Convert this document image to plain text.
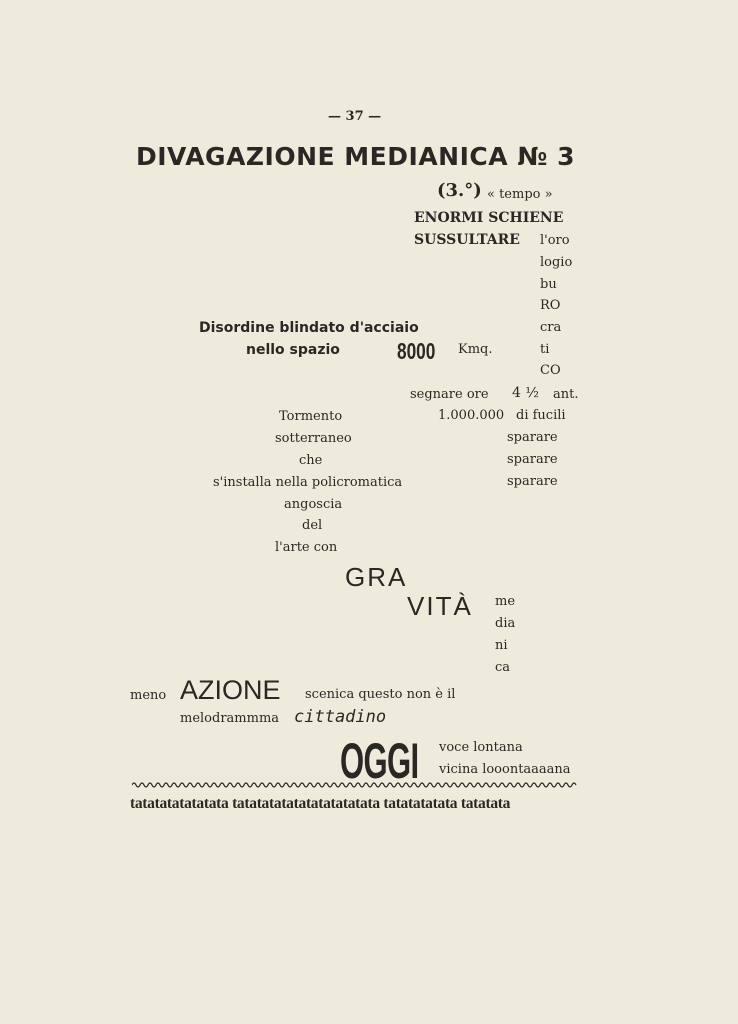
— 37 —
DIVAGAZIONE MEDIANICA № 3
(3.°) « tempo »
ENORMI SCHIENE
SUSSULTARE l'oro
logio
bu
RO
cra
ti
CO
Disordine blindato d'acciaio
nello spazio 8000 Kmq.
segnare ore 4 ½ ant.
Tormento
sotterraneo
che
1.000.000 di fucili
sparare
sparare
sparare
s'installa nella policromatica
angoscia
del
l'arte con
GRA
VITÀ me
dia
ni
ca
meno AZIONE scenica questo non è il
melodrammma cittadino
OGGI voce lontana
vicina looontaaaana
tatatatatatatata tatatatatatatatatatatata tatatatatata tatatata
